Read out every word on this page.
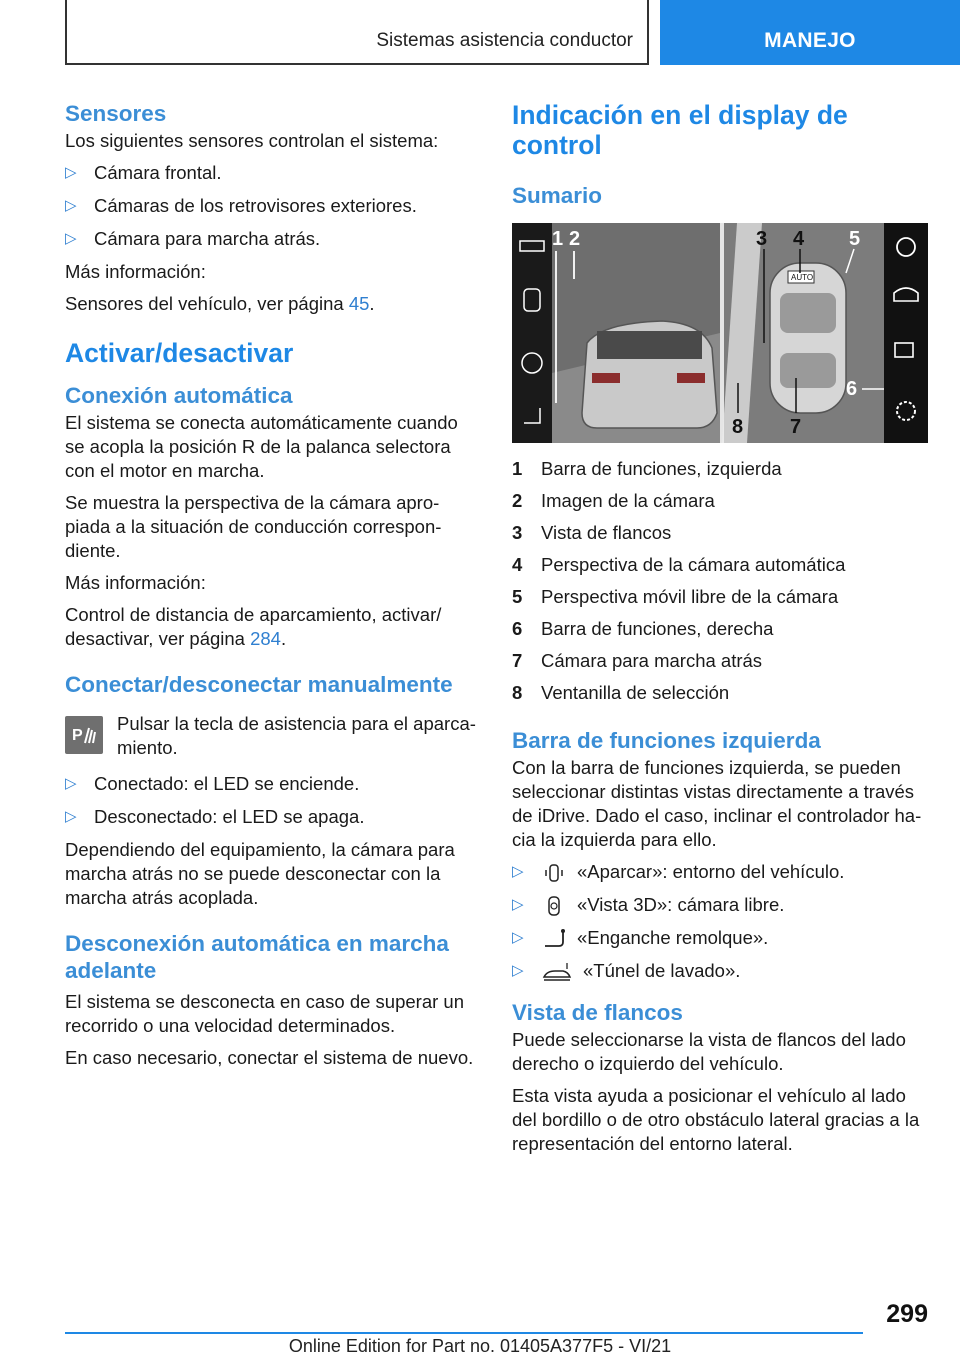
Sistemas asistencia conductor	MANEJO
Sensores

Los siguientes sensores controlan el sistema:

▷ Cámara frontal.
▷ Cámaras de los retrovisores exteriores.
▷ Cámara para marcha atrás.

Más información:

Sensores del vehículo, ver página 45.

Activar/desactivar
Conexión automática

El sistema se conecta automáticamente cuando se acopla la posición R de la palanca selectora con el motor en marcha.

Se muestra la perspectiva de la cámara apropiada a la situación de conducción correspondiente.

Más información:

Control de distancia de aparcamiento, activar/ desactivar, ver página 284.

Conectar/desconectar manualmente
P

Pulsar la tecla de asistencia para el aparcamiento.

▷ Conectado: el LED se enciende.
▷ Desconectado: el LED se apaga.

Dependiendo del equipamiento, la cámara para marcha atrás no se puede desconectar con la marcha atrás acoplada.

Desconexión automática en marcha adelante

El sistema se desconecta en caso de superar un recorrido o una velocidad determinados.

En caso necesario, conectar el sistema de nuevo.

Indicación en el display de control
Sumario
AUTO
1 2	3 4 5
6
7
8
1 Barra de funciones, izquierda
2 Imagen de la cámara
3 Vista de flancos
4 Perspectiva de la cámara automática
5 Perspectiva móvil libre de la cámara
6 Barra de funciones, derecha
7 Cámara para marcha atrás
8 Ventanilla de selección
Barra de funciones izquierda

Con la barra de funciones izquierda, se pueden seleccionar distintas vistas directamente a través de iDrive. Dado el caso, inclinar el controlador hacia la izquierda para ello.

▷	«Aparcar»: entorno del vehículo.
▷	«Vista 3D»: cámara libre.
▷	«Enganche remolque».
▷	«Túnel de lavado».
Vista de flancos

Puede seleccionarse la vista de flancos del lado derecho o izquierdo del vehículo.

Esta vista ayuda a posicionar el vehículo al lado del bordillo o de otro obstáculo lateral gracias a la representación del entorno lateral.

299
Online Edition for Part no. 01405A377F5 - VI/21
